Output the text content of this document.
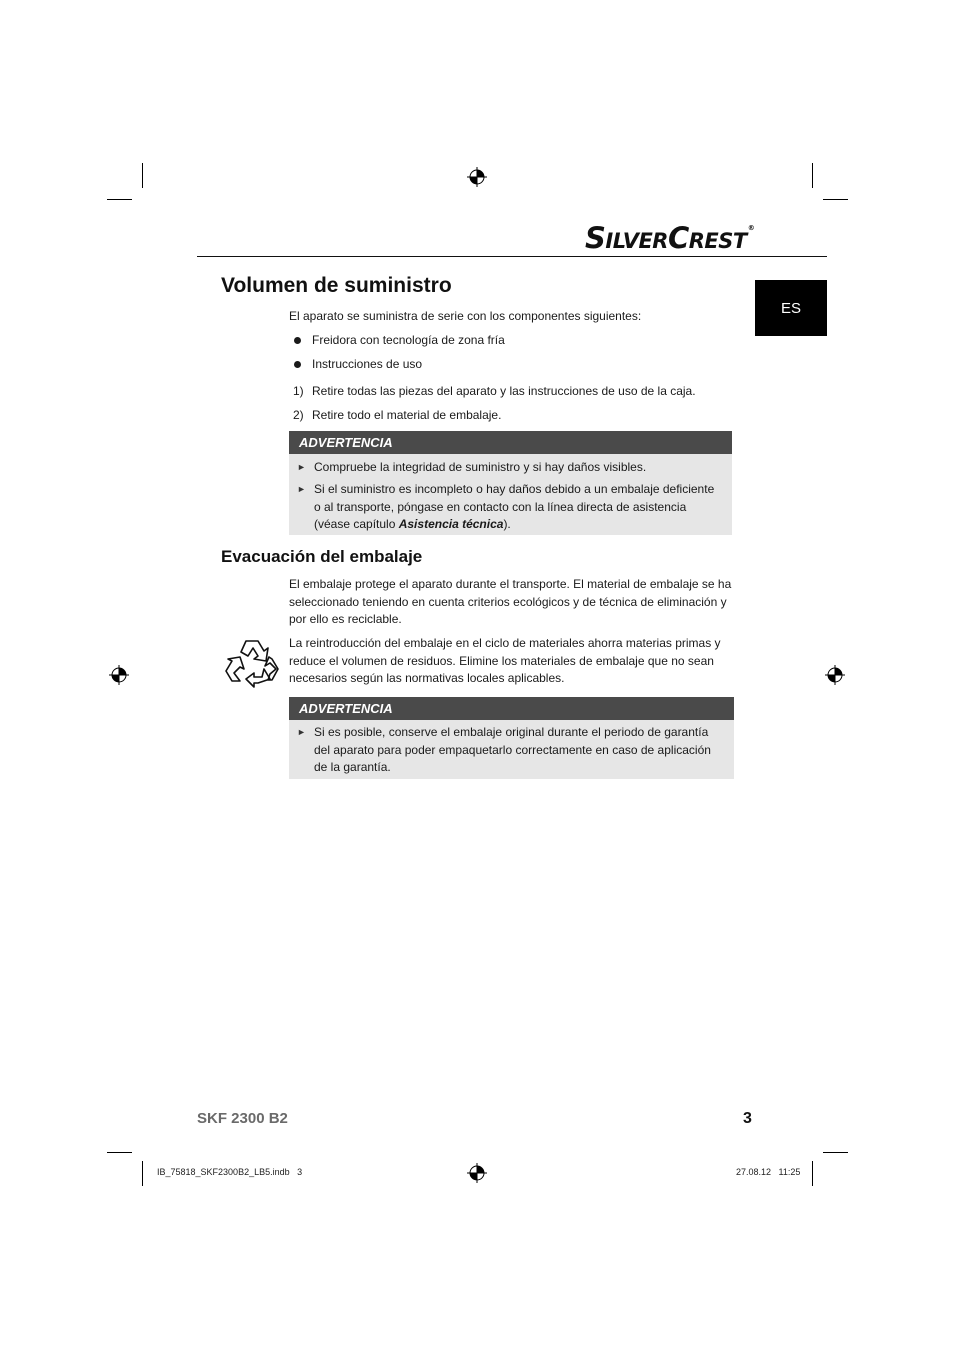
SILVERCREST®
ES
Volumen de suministro
El aparato se suministra de serie con los componentes siguientes:
Freidora con tecnología de zona fría
Instrucciones de uso
1) Retire todas las piezas del aparato y las instrucciones de uso de la caja.
2) Retire todo el material de embalaje.
ADVERTENCIA
► Compruebe la integridad de suministro y si hay daños visibles.
► Si el suministro es incompleto o hay daños debido a un embalaje deficiente o al transporte, póngase en contacto con la línea directa de asistencia (véase capítulo Asistencia técnica).
Evacuación del embalaje
El embalaje protege el aparato durante el transporte. El material de embalaje se ha seleccionado teniendo en cuenta criterios ecológicos y de técnica de eliminación y por ello es reciclable.
La reintroducción del embalaje en el ciclo de materiales ahorra materias primas y reduce el volumen de residuos. Elimine los materiales de embalaje que no sean necesarios según las normativas locales aplicables.
ADVERTENCIA
► Si es posible, conserve el embalaje original durante el periodo de garantía del aparato para poder empaquetarlo correctamente en caso de aplicación de la garantía.
SKF 2300 B2	3
IB_75818_SKF2300B2_LB5.indb   3	27.08.12   11:25
